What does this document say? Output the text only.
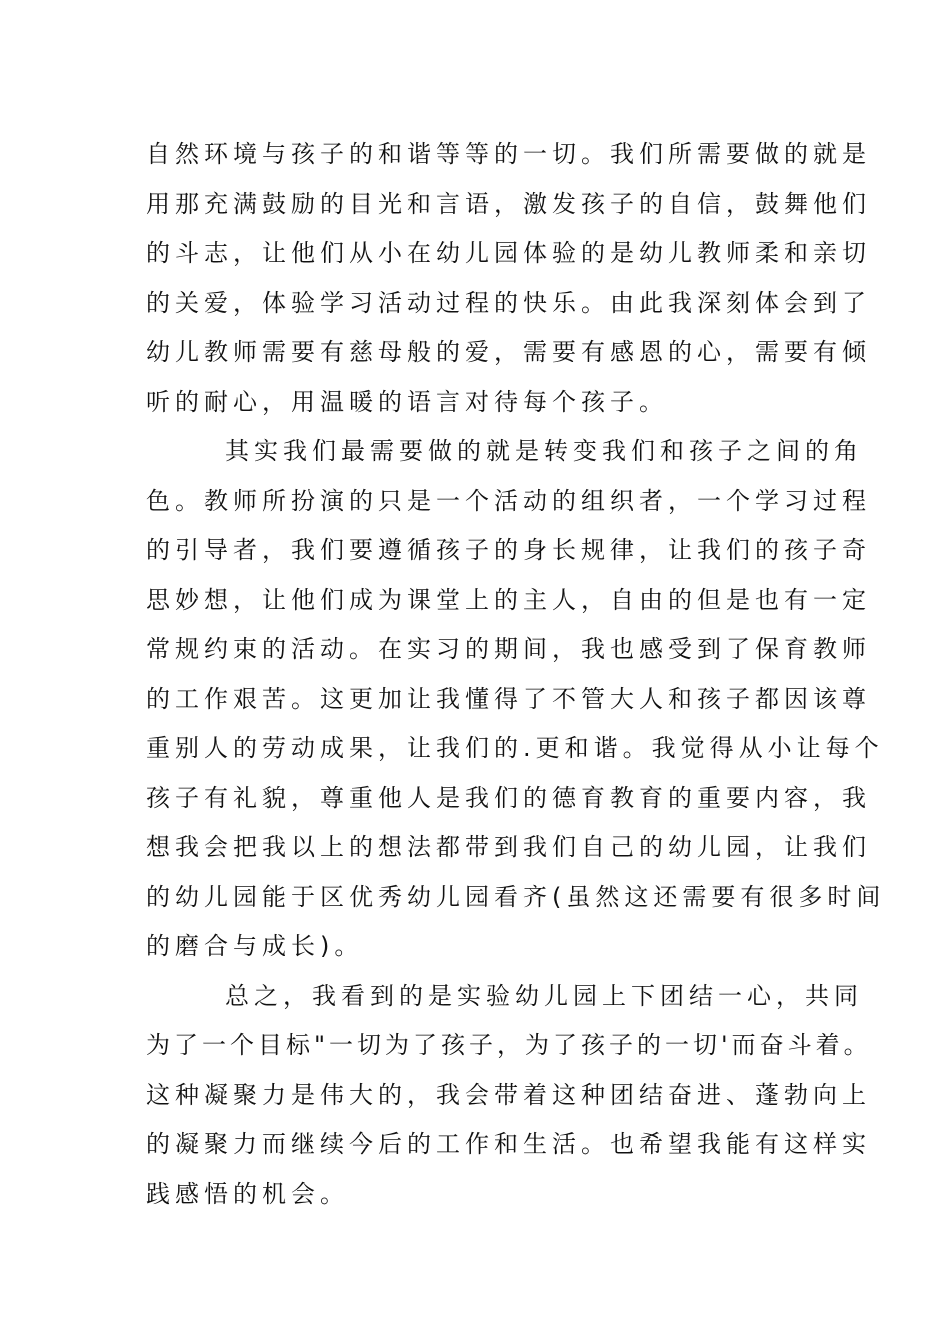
自然环境与孩子的和谐等等的一切。我们所需要做的就是
用那充满鼓励的目光和言语，激发孩子的自信，鼓舞他们
的斗志，让他们从小在幼儿园体验的是幼儿教师柔和亲切
的关爱，体验学习活动过程的快乐。由此我深刻体会到了
幼儿教师需要有慈母般的爱，需要有感恩的心，需要有倾
听的耐心，用温暖的语言对待每个孩子。
其实我们最需要做的就是转变我们和孩子之间的角
色。教师所扮演的只是一个活动的组织者，一个学习过程
的引导者，我们要遵循孩子的身长规律，让我们的孩子奇
思妙想，让他们成为课堂上的主人，自由的但是也有一定
常规约束的活动。在实习的期间，我也感受到了保育教师
的工作艰苦。这更加让我懂得了不管大人和孩子都因该尊
重别人的劳动成果，让我们的.更和谐。我觉得从小让每个
孩子有礼貌，尊重他人是我们的德育教育的重要内容，我
想我会把我以上的想法都带到我们自己的幼儿园，让我们
的幼儿园能于区优秀幼儿园看齐(虽然这还需要有很多时间
的磨合与成长)。
总之，我看到的是实验幼儿园上下团结一心，共同
为了一个目标"一切为了孩子，为了孩子的一切'而奋斗着。
这种凝聚力是伟大的，我会带着这种团结奋进、蓬勃向上
的凝聚力而继续今后的工作和生活。也希望我能有这样实
践感悟的机会。
